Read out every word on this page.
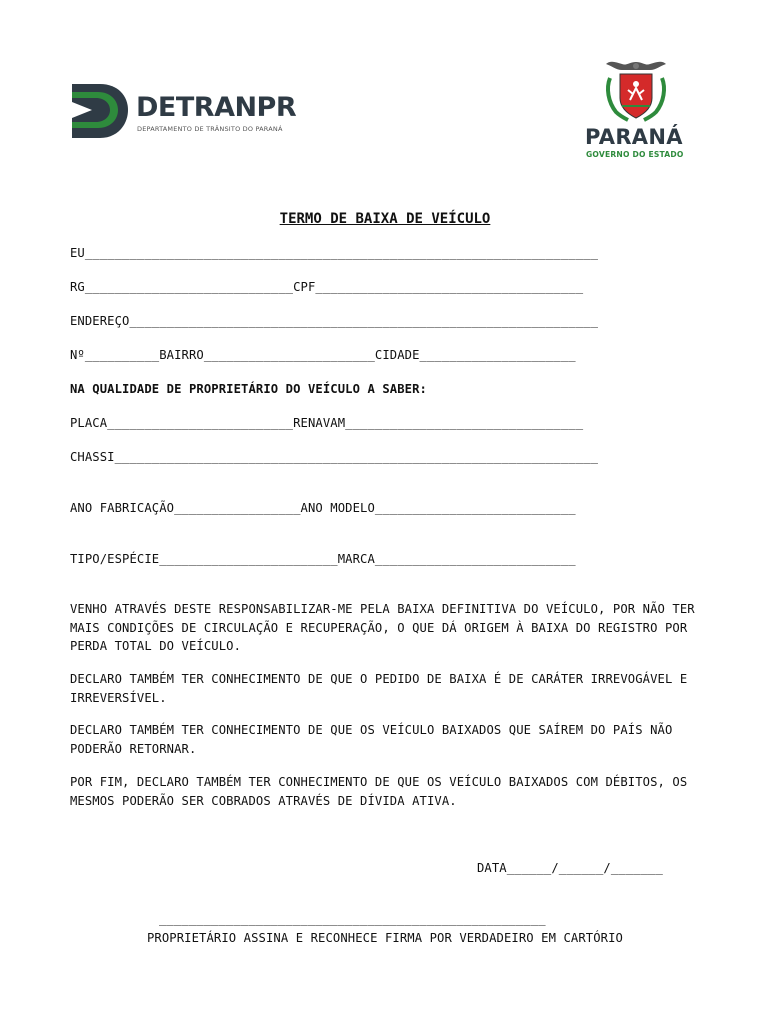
DETRANPR
DEPARTAMENTO DE TRÂNSITO DO PARANÁ	PARANÁ
GOVERNO DO ESTADO
TERMO DE BAIXA DE VEÍCULO
EU_____________________________________________________________________
RG____________________________CPF____________________________________
ENDEREÇO_______________________________________________________________
Nº__________BAIRRO_______________________CIDADE_____________________
NA QUALIDADE DE PROPRIETÁRIO DO VEÍCULO A SABER:
PLACA_________________________RENAVAM________________________________
CHASSI_________________________________________________________________
ANO FABRICAÇÃO_________________ANO MODELO___________________________
TIPO/ESPÉCIE________________________MARCA___________________________
VENHO ATRAVÉS DESTE RESPONSABILIZAR-ME PELA BAIXA DEFINITIVA DO VEÍCULO, POR NÃO TER MAIS CONDIÇÕES DE CIRCULAÇÃO E RECUPERAÇÃO, O QUE DÁ ORIGEM À BAIXA DO REGISTRO POR PERDA TOTAL DO VEÍCULO.
DECLARO TAMBÉM TER CONHECIMENTO DE QUE O PEDIDO DE BAIXA É DE CARÁTER IRREVOGÁVEL E IRREVERSÍVEL.
DECLARO TAMBÉM TER CONHECIMENTO DE QUE OS VEÍCULO BAIXADOS QUE SAÍREM DO PAÍS NÃO PODERÃO RETORNAR.
POR FIM, DECLARO TAMBÉM TER CONHECIMENTO DE QUE OS VEÍCULO BAIXADOS COM DÉBITOS, OS MESMOS PODERÃO SER COBRADOS ATRAVÉS DE DÍVIDA ATIVA.
DATA______/______/_______
____________________________________________________
PROPRIETÁRIO ASSINA E RECONHECE FIRMA POR VERDADEIRO EM CARTÓRIO
